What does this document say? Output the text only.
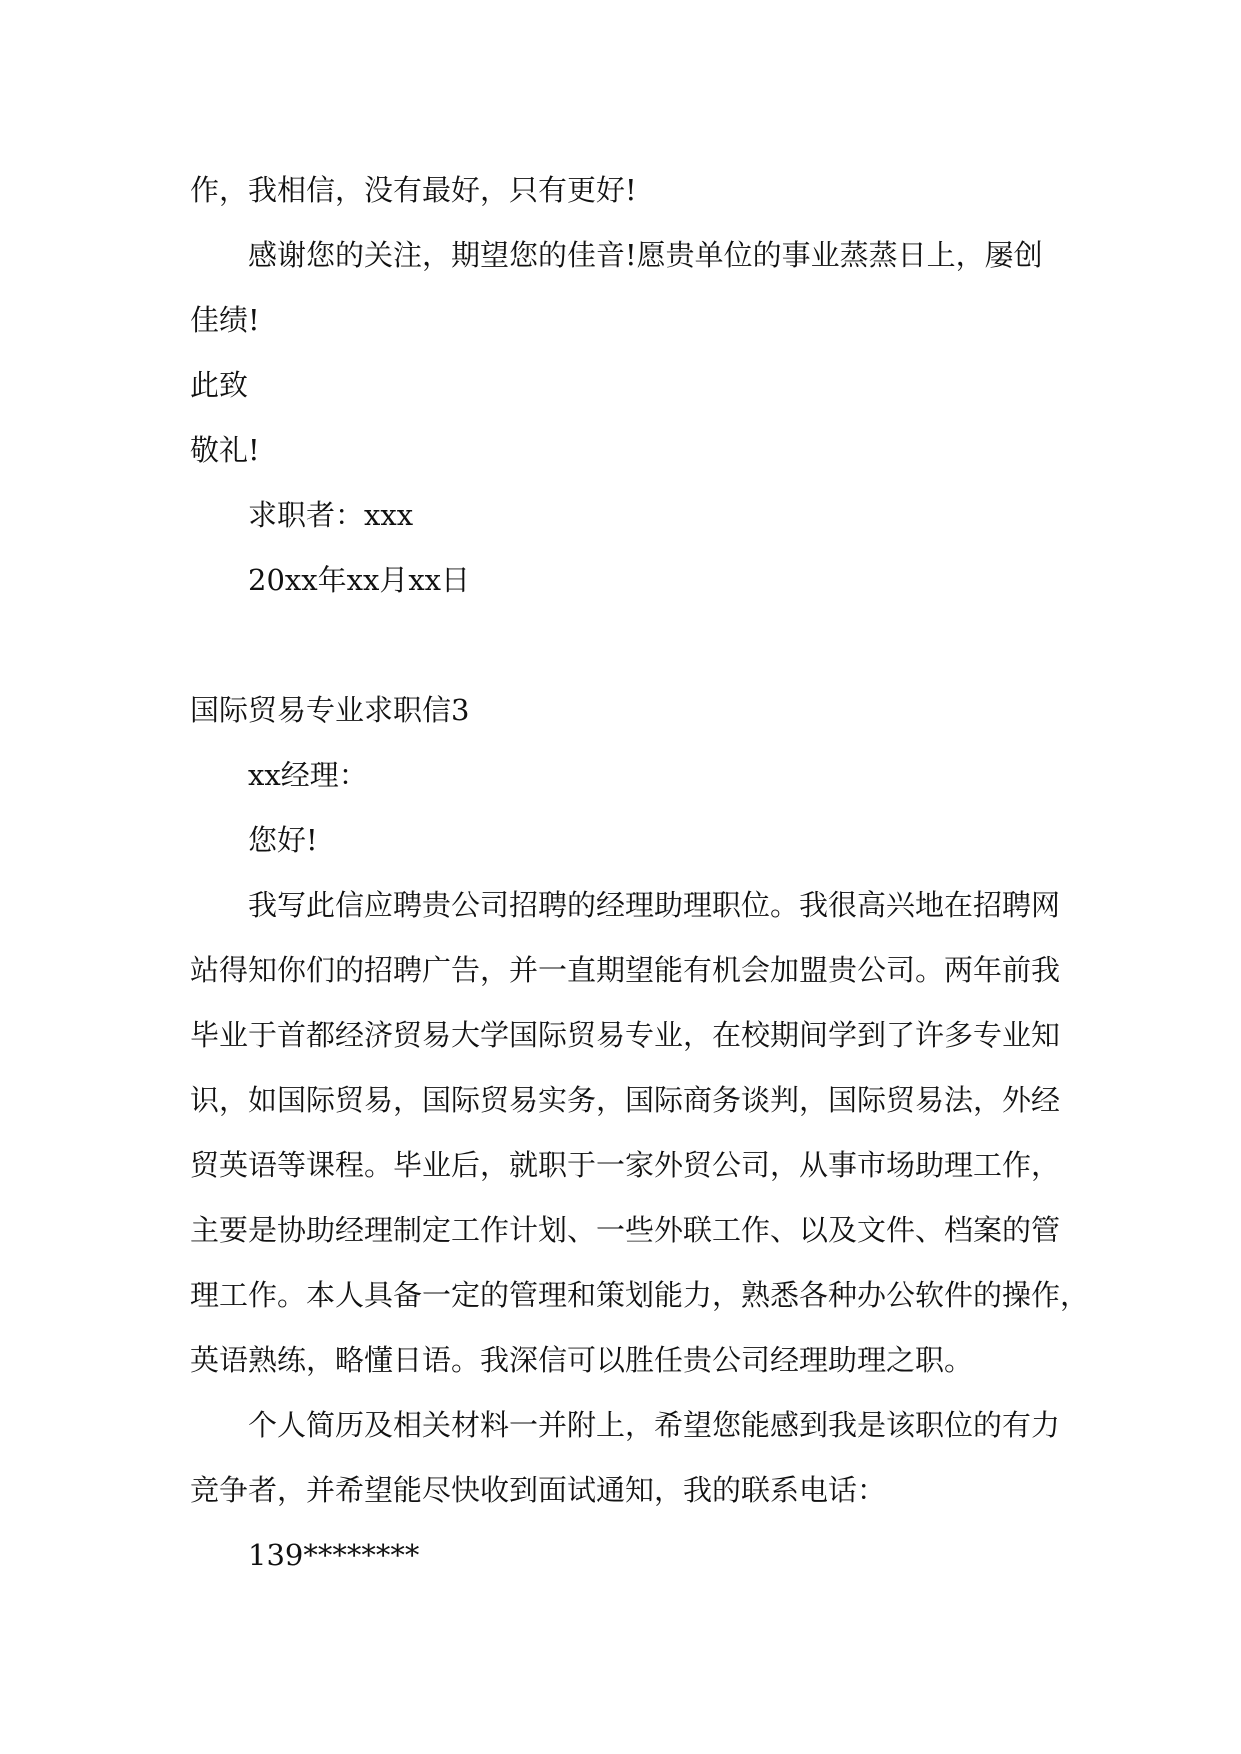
作，我相信，没有最好，只有更好!
感谢您的关注，期望您的佳音!愿贵单位的事业蒸蒸日上，屡创
佳绩!
此致
敬礼!
求职者：xxx
20xx年xx月xx日
国际贸易专业求职信3
xx经理：
您好!
我写此信应聘贵公司招聘的经理助理职位。我很高兴地在招聘网
站得知你们的招聘广告，并一直期望能有机会加盟贵公司。两年前我
毕业于首都经济贸易大学国际贸易专业，在校期间学到了许多专业知
识，如国际贸易，国际贸易实务，国际商务谈判，国际贸易法，外经
贸英语等课程。毕业后，就职于一家外贸公司，从事市场助理工作，
主要是协助经理制定工作计划、一些外联工作、以及文件、档案的管
理工作。本人具备一定的管理和策划能力，熟悉各种办公软件的操作，
英语熟练，略懂日语。我深信可以胜任贵公司经理助理之职。
个人简历及相关材料一并附上，希望您能感到我是该职位的有力
竞争者，并希望能尽快收到面试通知，我的联系电话：
139********
